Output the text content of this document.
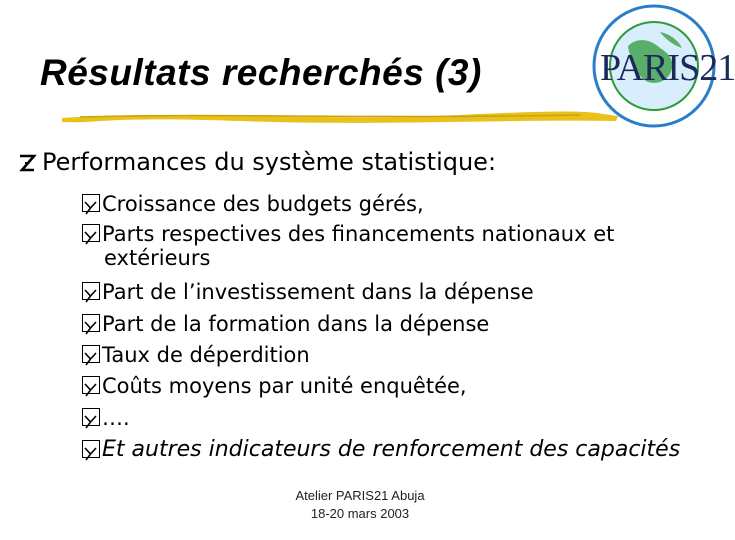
Résultats recherchés (3)	PARIS21
Performances du système statistique:
Croissance des budgets gérés,
Parts respectives des financements nationaux et
extérieurs
Part de l’investissement dans la dépense
Part de la formation dans la dépense
Taux de déperdition
Coûts moyens par unité enquêtée,
….
Et autres indicateurs de renforcement des capacités
Atelier PARIS21 Abuja
18-20 mars 2003
